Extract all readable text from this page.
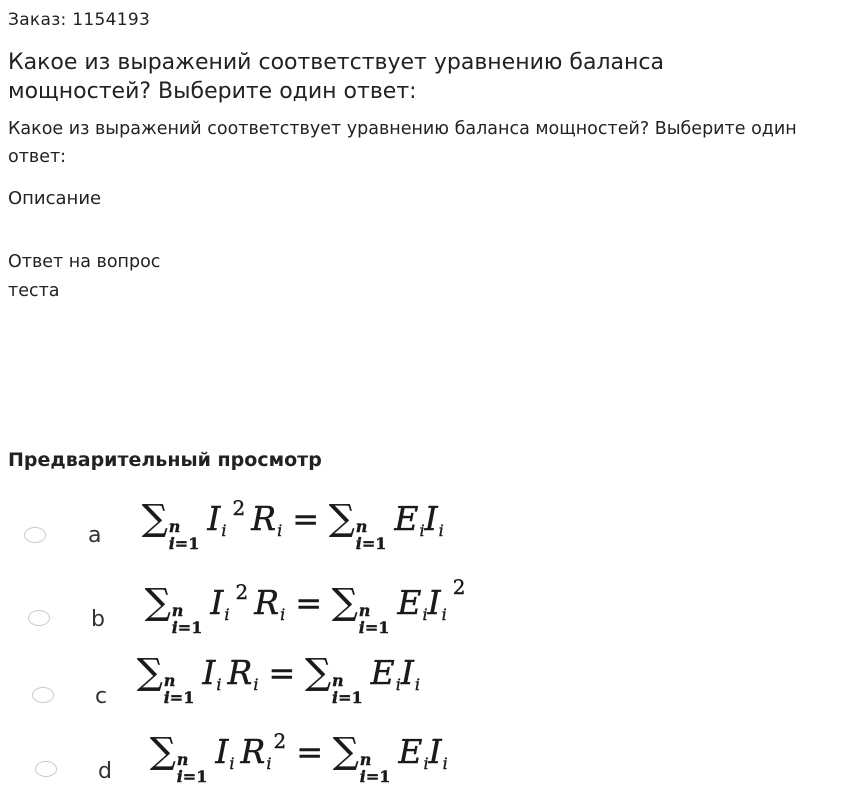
Заказ: 1154193
Какое из выражений соответcтвует уравнению баланса мощностей? Выберите один ответ:
Какое из выражений соответствует уравнению баланса мощностей? Выберите один ответ:
Описание
Ответ на вопрос теста
Предварительный просмотр
a ∑ n
i=1
$I_i^2$ $R_i$ = ∑ n
i=1
$E_iI_i$
b ∑ n
i=1
$I_i^2$ $R_i$ = ∑ n
i=1
$E_iI_i^2$
c
∑ n
i=1
$I_i$ $R_i$ = ∑ n
i=1
$E_iI_i$
d ∑ n
i=1
$I_i$ $R_i^2$ = ∑ n
i=1
$E_iI_i$
